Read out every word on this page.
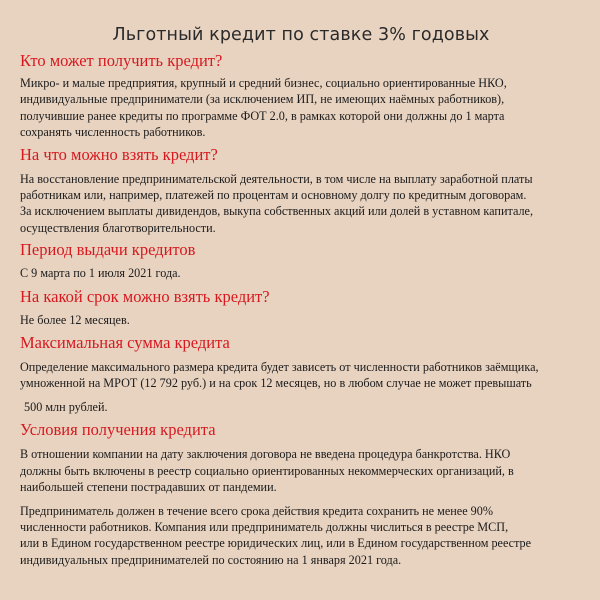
Льготный кредит по ставке 3% годовых
Кто может получить кредит?

Микро- и малые предприятия, крупный и средний бизнес, социально ориентированные НКО,
индивидуальные предприниматели (за исключением ИП, не имеющих наёмных работников),
получившие ранее кредиты по программе ФОТ 2.0, в рамках которой они должны до 1 марта
сохранять численность работников.

На что можно взять кредит?

На восстановление предпринимательской деятельности, в том числе на выплату заработной платы
работникам или, например, платежей по процентам и основному долгу по кредитным договорам.
За исключением выплаты дивидендов, выкупа собственных акций или долей в уставном капитале,
осуществления благотворительности.

Период выдачи кредитов

С 9 марта по 1 июля 2021 года.

На какой срок можно взять кредит?

Не более 12 месяцев.

Максимальная сумма кредита

Определение максимального размера кредита будет зависеть от численности работников заёмщика,
умноженной на МРОТ (12 792 руб.) и на срок 12 месяцев, но в любом случае не может превышать

500 млн рублей.

Условия получения кредита

В отношении компании на дату заключения договора не введена процедура банкротства. НКО
должны быть включены в реестр социально ориентированных некоммерческих организаций, в
наибольшей степени пострадавших от пандемии.

Предприниматель должен в течение всего срока действия кредита сохранить не менее 90%
численности работников. Компания или предприниматель должны числиться в реестре МСП,
или в Едином государственном реестре юридических лиц, или в Едином государственном реестре
индивидуальных предпринимателей по состоянию на 1 января 2021 года.
